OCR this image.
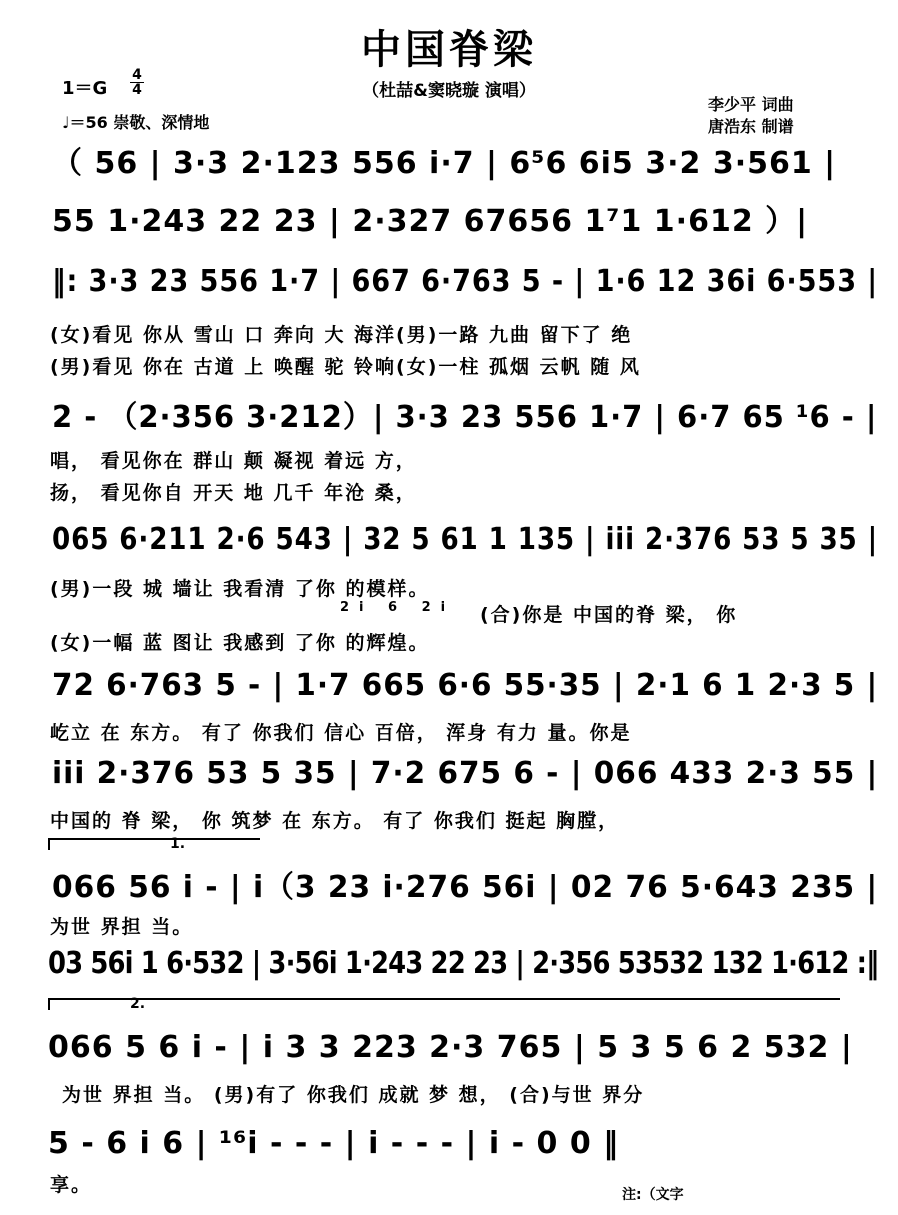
中国脊梁
（杜喆&窦晓璇 演唱）
1＝G
4
4
♩＝56 崇敬、深情地
李少平 词曲
唐浩东 制谱
（ 56 | 3·3 2·123 556 i·7 | 6⁵6 6i5 3·2 3·561 |
55 1·243 22 23 | 2·327 67656 1⁷1 1·612 ）|
‖: 3·3 23 556 1·7 | 667 6·763 5 - | 1·6 12 36i 6·553 |
(女)看见 你从 雪山 口 奔向 大 海洋(男)一路 九曲 留下了 绝
(男)看见 你在 古道 上 唤醒 驼 铃响(女)一柱 孤烟 云帆 随 风
2 - （2·356 3·212）| 3·3 23 556 1·7 | 6·7 65 ¹6 - |
唱， 看见你在 群山 颠 凝视 着远 方，
扬， 看见你自 开天 地 几千 年沧 桑，
065 6·211 2·6 543 | 32 5 61 1 135 | iii 2·376 53 5 35 |
(男)一段 城 墙让 我看清 了你 的模样。
2i 6 2i (合)你是 中国的脊 梁， 你
(女)一幅 蓝 图让 我感到 了你 的辉煌。
72 6·763 5 - | 1·7 665 6·6 55·35 | 2·1 6 1 2·3 5 |
屹立 在 东方。 有了 你我们 信心 百倍， 浑身 有力 量。你是
iii 2·376 53 5 35 | 7·2 675 6 - | 066 433 2·3 55 |
中国的 脊 梁， 你 筑梦 在 东方。 有了 你我们 挺起 胸膛，
1.
066 56 i - | i（3 23 i·276 56i | 02 76 5·643 235 |
为世 界担 当。
03 56i 1 6·532 | 3·56i 1·243 22 23 | 2·356 53532 132 1·612 :‖
2.
066 5 6 i - | i 3 3 223 2·3 765 | 5 3 5 6 2 532 |
为世 界担 当。 (男)有了 你我们 成就 梦 想， (合)与世 界分
5 - 6 i 6 | ¹⁶i - - - | i - - - | i - 0 0 ‖
享。	注:（文字
